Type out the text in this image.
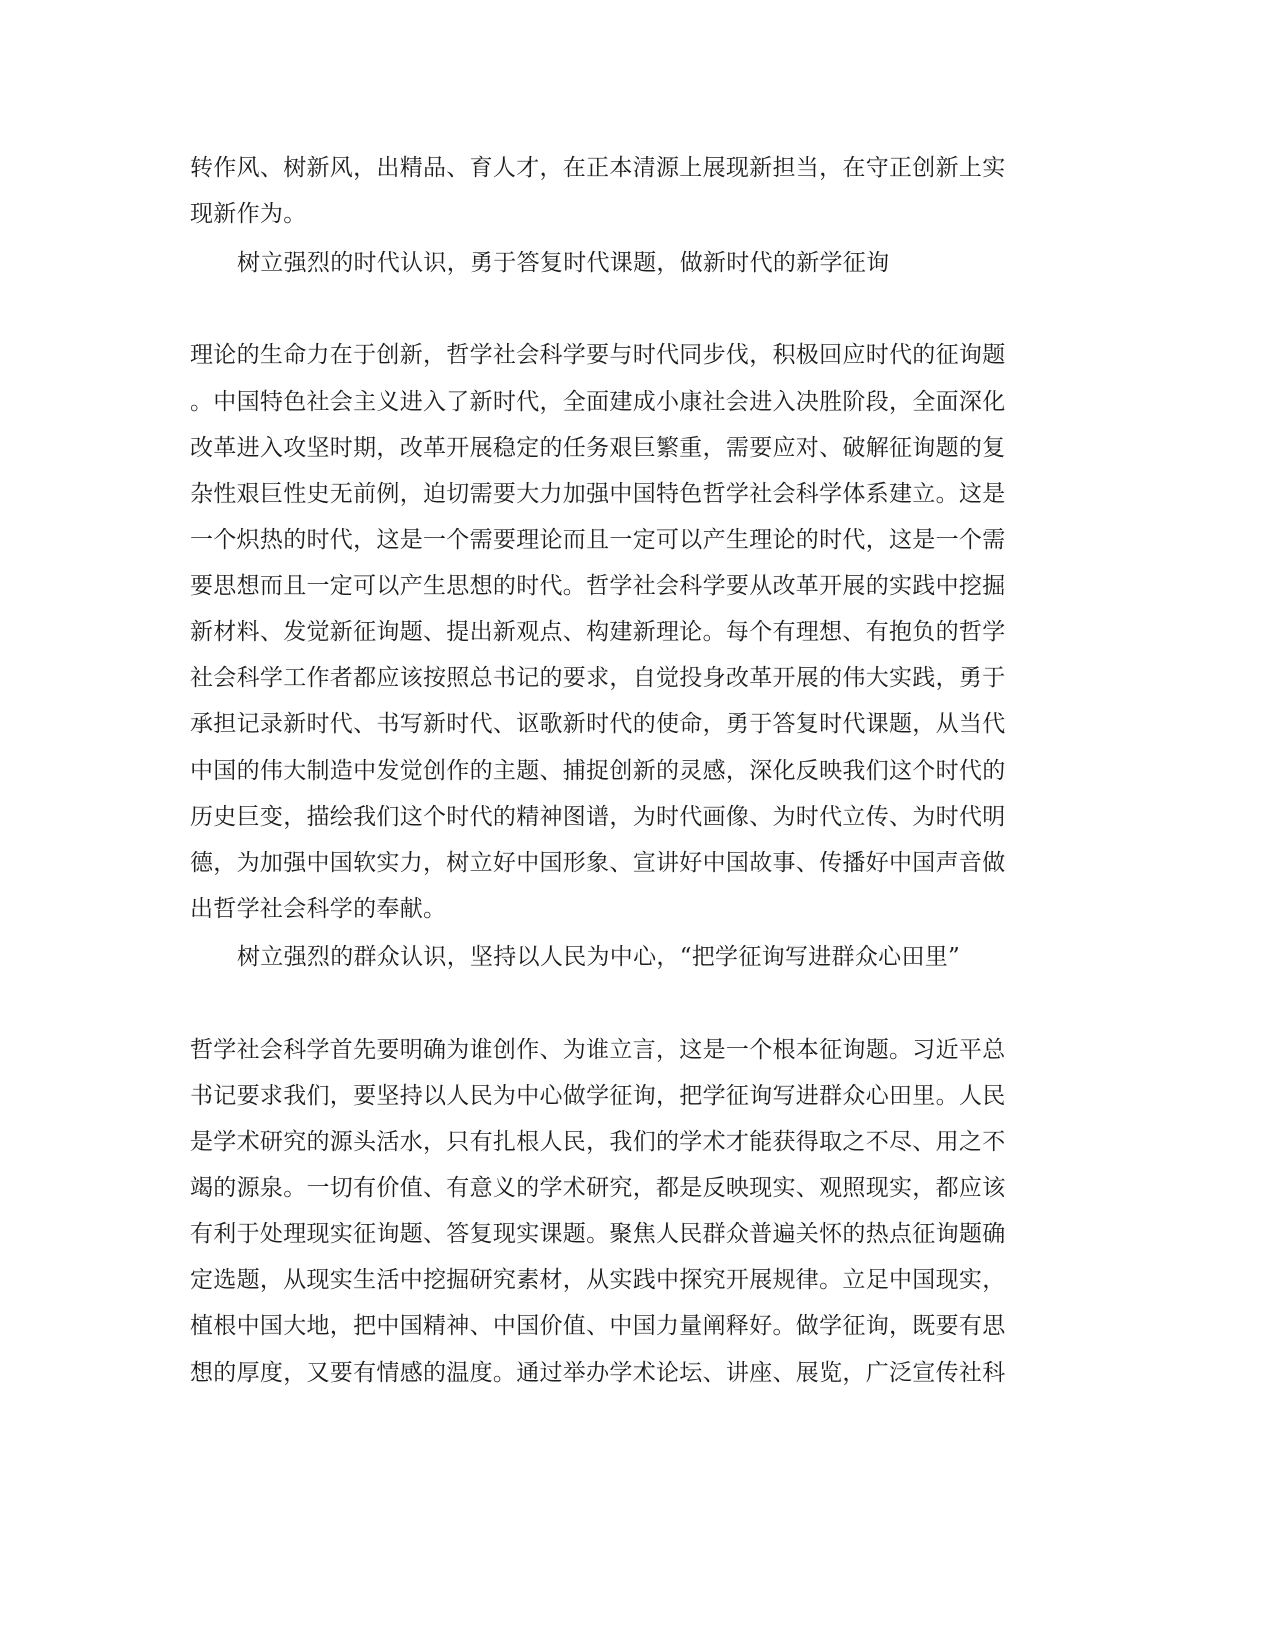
转作风、树新风，出精品、育人才，在正本清源上展现新担当，在守正创新上实
现新作为。
树立强烈的时代认识，勇于答复时代课题，做新时代的新学征询
理论的生命力在于创新，哲学社会科学要与时代同步伐，积极回应时代的征询题
。中国特色社会主义进入了新时代，全面建成小康社会进入决胜阶段，全面深化
改革进入攻坚时期，改革开展稳定的任务艰巨繁重，需要应对、破解征询题的复
杂性艰巨性史无前例，迫切需要大力加强中国特色哲学社会科学体系建立。这是
一个炽热的时代，这是一个需要理论而且一定可以产生理论的时代，这是一个需
要思想而且一定可以产生思想的时代。哲学社会科学要从改革开展的实践中挖掘
新材料、发觉新征询题、提出新观点、构建新理论。每个有理想、有抱负的哲学
社会科学工作者都应该按照总书记的要求，自觉投身改革开展的伟大实践，勇于
承担记录新时代、书写新时代、讴歌新时代的使命，勇于答复时代课题，从当代
中国的伟大制造中发觉创作的主题、捕捉创新的灵感，深化反映我们这个时代的
历史巨变，描绘我们这个时代的精神图谱，为时代画像、为时代立传、为时代明
德，为加强中国软实力，树立好中国形象、宣讲好中国故事、传播好中国声音做
出哲学社会科学的奉献。
树立强烈的群众认识，坚持以人民为中心，“把学征询写进群众心田里”
哲学社会科学首先要明确为谁创作、为谁立言，这是一个根本征询题。习近平总
书记要求我们，要坚持以人民为中心做学征询，把学征询写进群众心田里。人民
是学术研究的源头活水，只有扎根人民，我们的学术才能获得取之不尽、用之不
竭的源泉。一切有价值、有意义的学术研究，都是反映现实、观照现实，都应该
有利于处理现实征询题、答复现实课题。聚焦人民群众普遍关怀的热点征询题确
定选题，从现实生活中挖掘研究素材，从实践中探究开展规律。立足中国现实，
植根中国大地，把中国精神、中国价值、中国力量阐释好。做学征询，既要有思
想的厚度，又要有情感的温度。通过举办学术论坛、讲座、展览，广泛宣传社科
